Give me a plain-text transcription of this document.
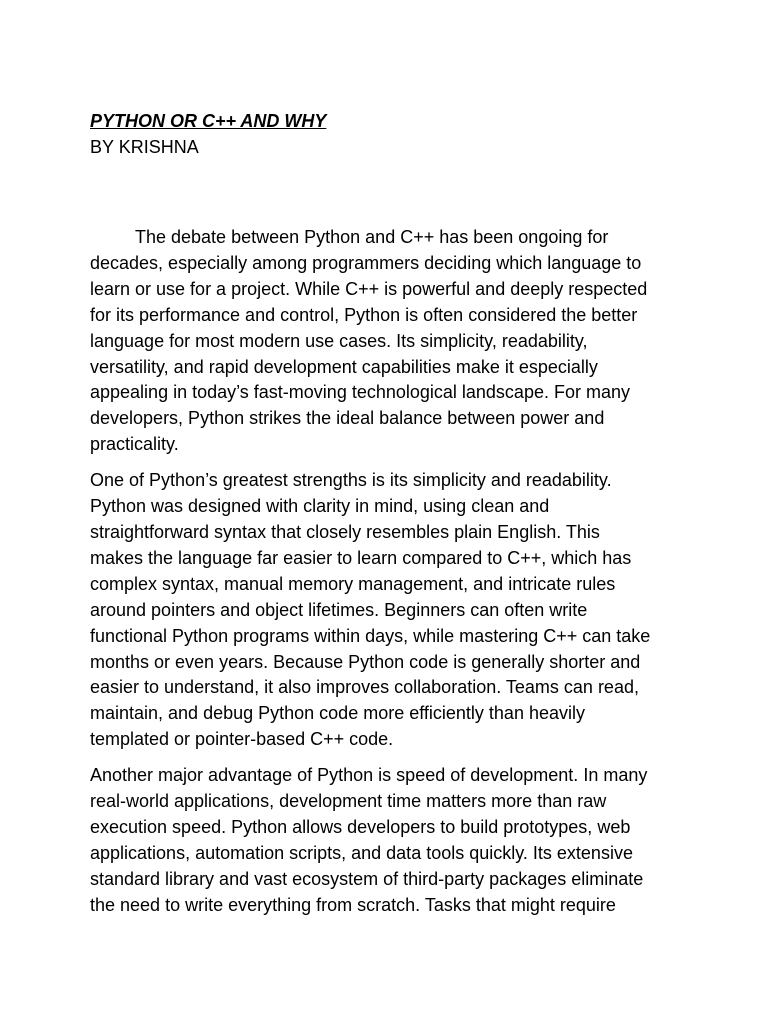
PYTHON OR C++ AND WHY

BY KRISHNA

The debate between Python and C++ has been ongoing for
decades, especially among programmers deciding which language to
learn or use for a project. While C++ is powerful and deeply respected
for its performance and control, Python is often considered the better
language for most modern use cases. Its simplicity, readability,
versatility, and rapid development capabilities make it especially
appealing in today’s fast-moving technological landscape. For many
developers, Python strikes the ideal balance between power and
practicality.

One of Python’s greatest strengths is its simplicity and readability.
Python was designed with clarity in mind, using clean and
straightforward syntax that closely resembles plain English. This
makes the language far easier to learn compared to C++, which has
complex syntax, manual memory management, and intricate rules
around pointers and object lifetimes. Beginners can often write
functional Python programs within days, while mastering C++ can take
months or even years. Because Python code is generally shorter and
easier to understand, it also improves collaboration. Teams can read,
maintain, and debug Python code more efficiently than heavily
templated or pointer-based C++ code.

Another major advantage of Python is speed of development. In many
real-world applications, development time matters more than raw
execution speed. Python allows developers to build prototypes, web
applications, automation scripts, and data tools quickly. Its extensive
standard library and vast ecosystem of third-party packages eliminate
the need to write everything from scratch. Tasks that might require
